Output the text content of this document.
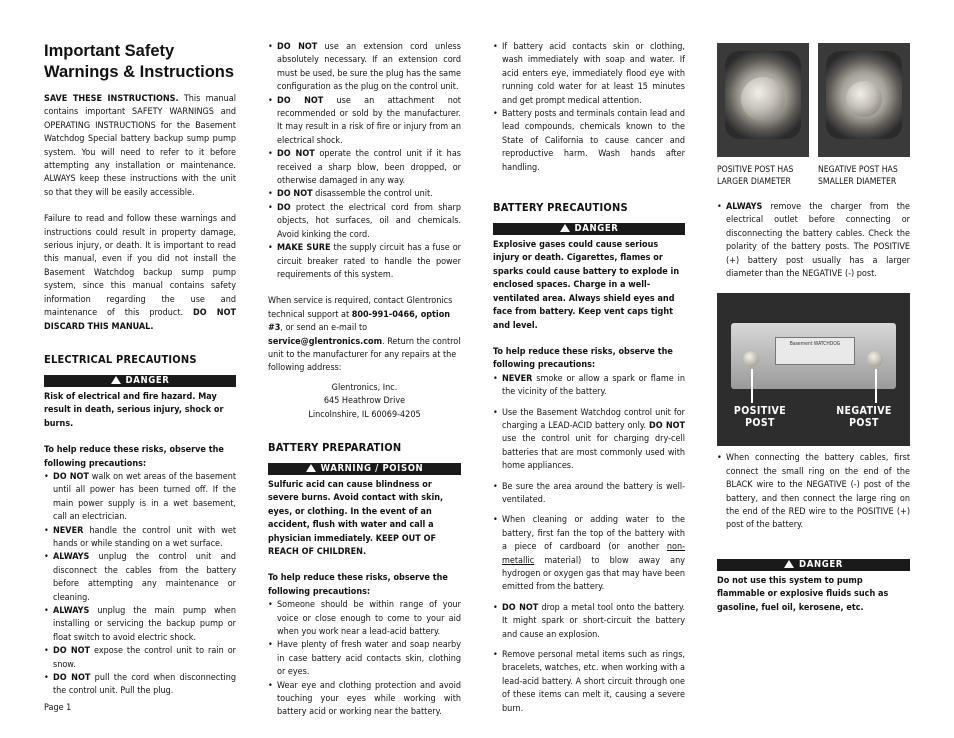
Important Safety
Warnings & Instructions

SAVE THESE INSTRUCTIONS. This manual contains important SAFETY WARNINGS and OPERATING INSTRUCTIONS for the Basement Watchdog Special battery backup sump pump system. You will need to refer to it before attempting any installation or maintenance. ALWAYS keep these instructions with the unit so that they will be easily accessible.

Failure to read and follow these warnings and instructions could result in property damage, serious injury, or death. It is important to read this manual, even if you did not install the Basement Watchdog backup sump pump system, since this manual contains safety information regarding the use and maintenance of this product. DO NOT DISCARD THIS MANUAL.

ELECTRICAL PRECAUTIONS
DANGER

Risk of electrical and fire hazard. May result in death, serious injury, shock or burns.

To help reduce these risks, observe the following precautions:

• DO NOT walk on wet areas of the basement until all power has been turned off. If the main power supply is in a wet basement, call an electrician.
• NEVER handle the control unit with wet hands or while standing on a wet surface.
• ALWAYS unplug the control unit and disconnect the cables from the battery before attempting any maintenance or cleaning.
• ALWAYS unplug the main pump when installing or servicing the backup pump or float switch to avoid electric shock.
• DO NOT expose the control unit to rain or snow.
• DO NOT pull the cord when disconnecting the control unit. Pull the plug.
• DO NOT use an extension cord unless absolutely necessary. If an extension cord must be used, be sure the plug has the same configuration as the plug on the control unit.
• DO NOT use an attachment not recommended or sold by the manufacturer. It may result in a risk of fire or injury from an electrical shock.
• DO NOT operate the control unit if it has received a sharp blow, been dropped, or otherwise damaged in any way.
• DO NOT disassemble the control unit.
• DO protect the electrical cord from sharp objects, hot surfaces, oil and chemicals. Avoid kinking the cord.
• MAKE SURE the supply circuit has a fuse or circuit breaker rated to handle the power requirements of this system.

When service is required, contact Glentronics technical support at 800-991-0466, option #3, or send an e-mail to service@glentronics.com. Return the control unit to the manufacturer for any repairs at the following address:

Glentronics, Inc.
645 Heathrow Drive
Lincolnshire, IL 60069-4205
BATTERY PREPARATION
WARNING / POISON

Sulfuric acid can cause blindness or severe burns. Avoid contact with skin, eyes, or clothing. In the event of an accident, flush with water and call a physician immediately. KEEP OUT OF REACH OF CHILDREN.

To help reduce these risks, observe the following precautions:

• Someone should be within range of your voice or close enough to come to your aid when you work near a lead-acid battery.
• Have plenty of fresh water and soap nearby in case battery acid contacts skin, clothing or eyes.
• Wear eye and clothing protection and avoid touching your eyes while working with battery acid or working near the battery.
• If battery acid contacts skin or clothing, wash immediately with soap and water. If acid enters eye, immediately flood eye with running cold water for at least 15 minutes and get prompt medical attention.
• Battery posts and terminals contain lead and lead compounds, chemicals known to the State of California to cause cancer and reproductive harm. Wash hands after handling.
BATTERY PRECAUTIONS
DANGER

Explosive gases could cause serious injury or death. Cigarettes, flames or sparks could cause battery to explode in enclosed spaces. Charge in a well-ventilated area. Always shield eyes and face from battery. Keep vent caps tight and level.

To help reduce these risks, observe the following precautions:

• NEVER smoke or allow a spark or flame in the vicinity of the battery.
• Use the Basement Watchdog control unit for charging a LEAD-ACID battery only. DO NOT use the control unit for charging dry-cell batteries that are most commonly used with home appliances.
• Be sure the area around the battery is well-ventilated.
• When cleaning or adding water to the battery, first fan the top of the battery with a piece of cardboard (or another non-metallic material) to blow away any hydrogen or oxygen gas that may have been emitted from the battery.
• DO NOT drop a metal tool onto the battery. It might spark or short-circuit the battery and cause an explosion.
• Remove personal metal items such as rings, bracelets, watches, etc. when working with a lead-acid battery. A short circuit through one of these items can melt it, causing a severe burn.
POSITIVE POST HAS LARGER DIAMETER
NEGATIVE POST HAS SMALLER DIAMETER
• ALWAYS remove the charger from the electrical outlet before connecting or disconnecting the battery cables. Check the polarity of the battery posts. The POSITIVE (+) battery post usually has a larger diameter than the NEGATIVE (-) post.
Basement WATCHDOG
POSITIVE
POST
NEGATIVE
POST
• When connecting the battery cables, first connect the small ring on the end of the BLACK wire to the NEGATIVE (-) post of the battery, and then connect the large ring on the end of the RED wire to the POSITIVE (+) post of the battery.
DANGER

Do not use this system to pump flammable or explosive fluids such as gasoline, fuel oil, kerosene, etc.

Page 1
